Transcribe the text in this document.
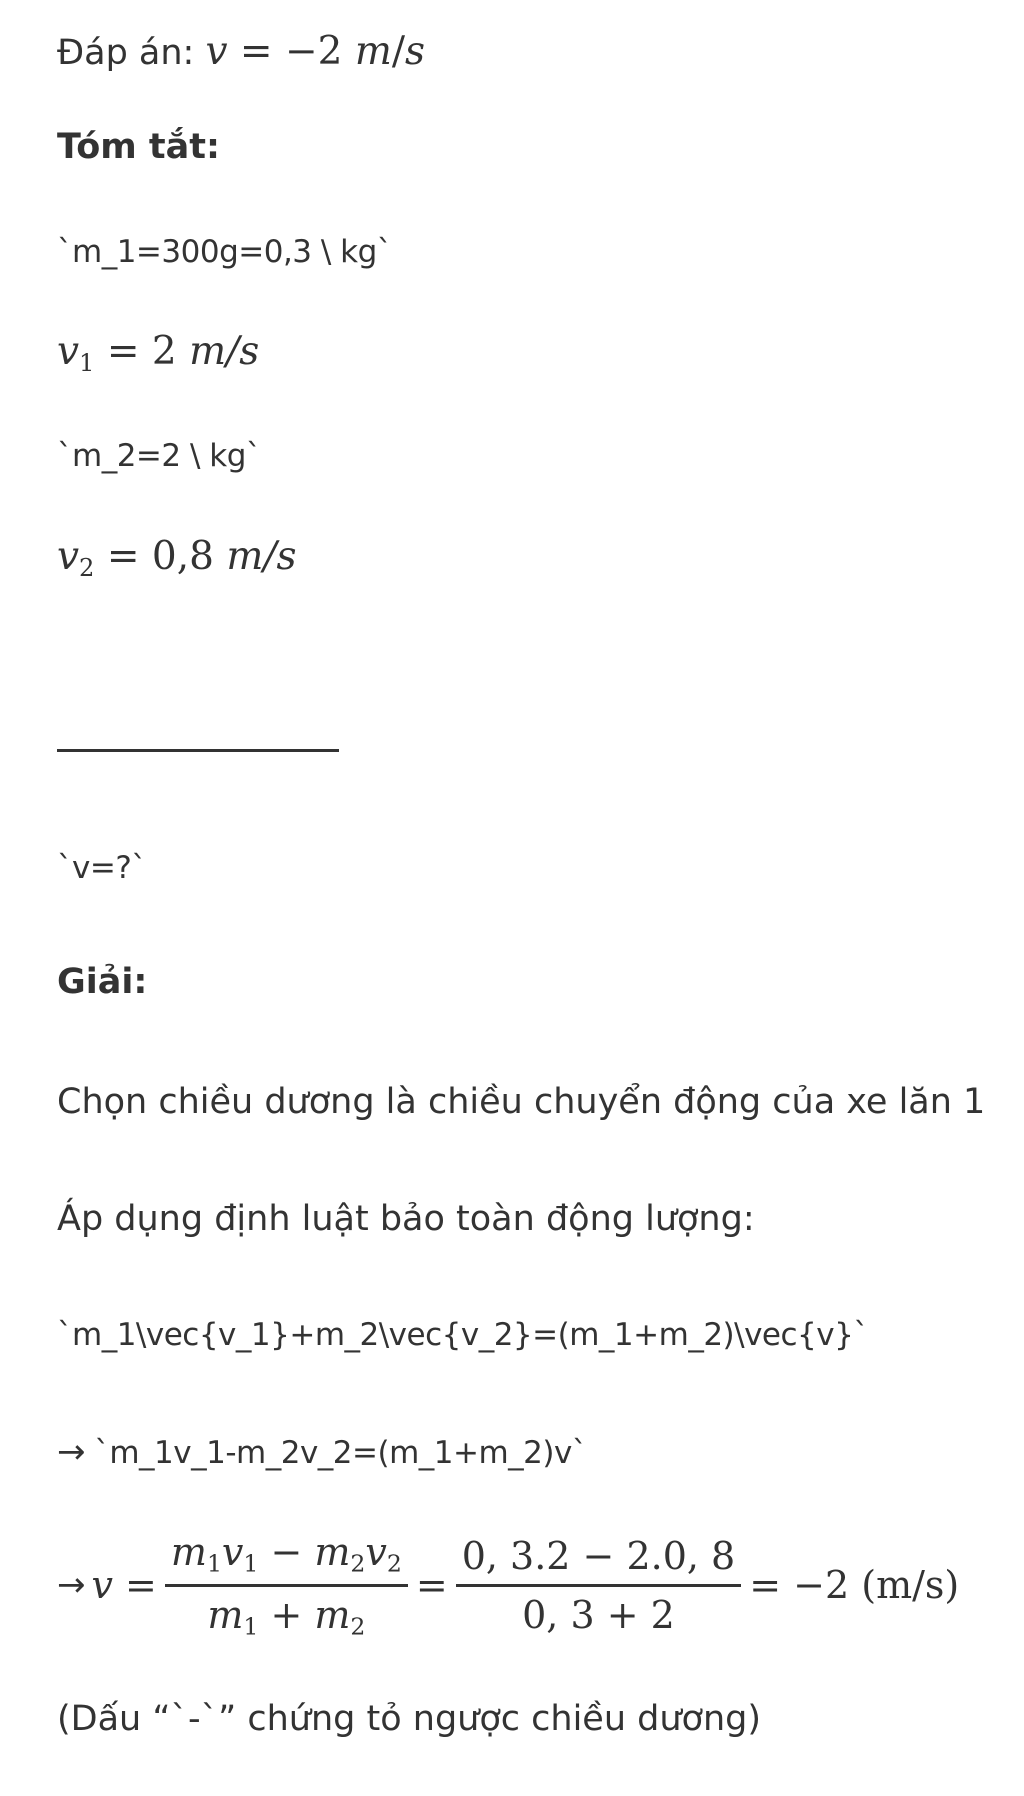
Đáp án: v = −2 m/s
Tóm tắt:
`m_1=300g=0,3 \ kg`
$v_1 = 2$ m/s
`m_2=2 \ kg`
$v_2 = 0,8$ m/s
`v=?`
Giải:
Chọn chiều dương là chiều chuyển động của xe lăn 1
Áp dụng định luật bảo toàn động lượng:
`m_1\vec{v_1}+m_2\vec{v_2}=(m_1+m_2)\vec{v}`
→ `m_1v_1-m_2v_2=(m_1+m_2)v`
→ $v = \frac{m_1v_1 - m_2v_2}{m_1 + m_2} = \frac{0, 3.2 - 2.0, 8}{0, 3 + 2} = -2$ (m/s)
(Dấu “`-`” chứng tỏ ngược chiều dương)
